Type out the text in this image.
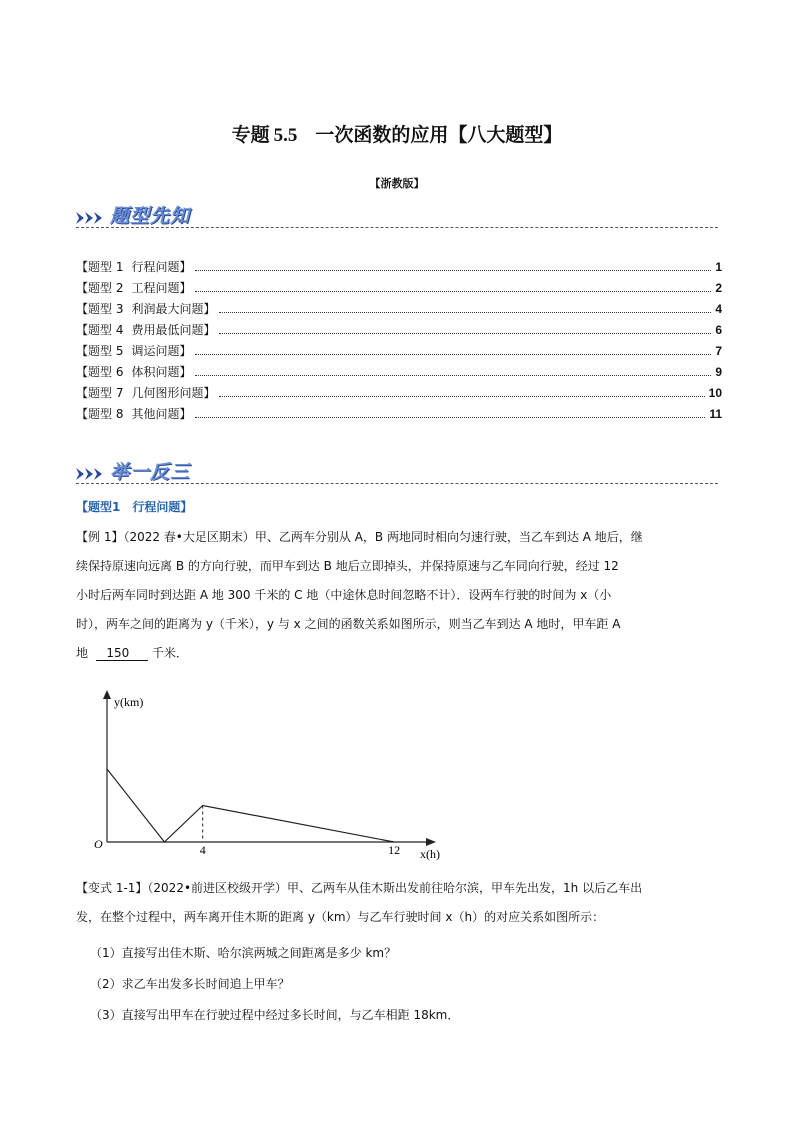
专题 5.5 一次函数的应用【八大题型】
【浙教版】
题型先知
【题型 1 行程问题】	1
【题型 2 工程问题】	2
【题型 3 利润最大问题】	4
【题型 4 费用最低问题】	6
【题型 5 调运问题】	7
【题型 6 体积问题】	9
【题型 7 几何图形问题】	10
【题型 8 其他问题】	11
举一反三
【题型1　行程问题】
【例 1】（2022 春•大足区期末）甲、乙两车分别从 A，B 两地同时相向匀速行驶，当乙车到达 A 地后，继
续保持原速向远离 B 的方向行驶，而甲车到达 B 地后立即掉头，并保持原速与乙车同向行驶，经过 12
小时后两车同时到达距 A 地 300 千米的 C 地（中途休息时间忽略不计）．设两车行驶的时间为 x（小
时），两车之间的距离为 y（千米），y 与 x 之间的函数关系如图所示，则当乙车到达 A 地时，甲车距 A
地 150 千米．
y(km)
x(h)
O	4	12
【变式 1-1】（2022•前进区校级开学）甲、乙两车从佳木斯出发前往哈尔滨，甲车先出发，1h 以后乙车出
发，在整个过程中，两车离开佳木斯的距离 y（km）与乙车行驶时间 x（h）的对应关系如图所示：
（1）直接写出佳木斯、哈尔滨两城之间距离是多少 km？
（2）求乙车出发多长时间追上甲车？
（3）直接写出甲车在行驶过程中经过多长时间，与乙车相距 18km．
